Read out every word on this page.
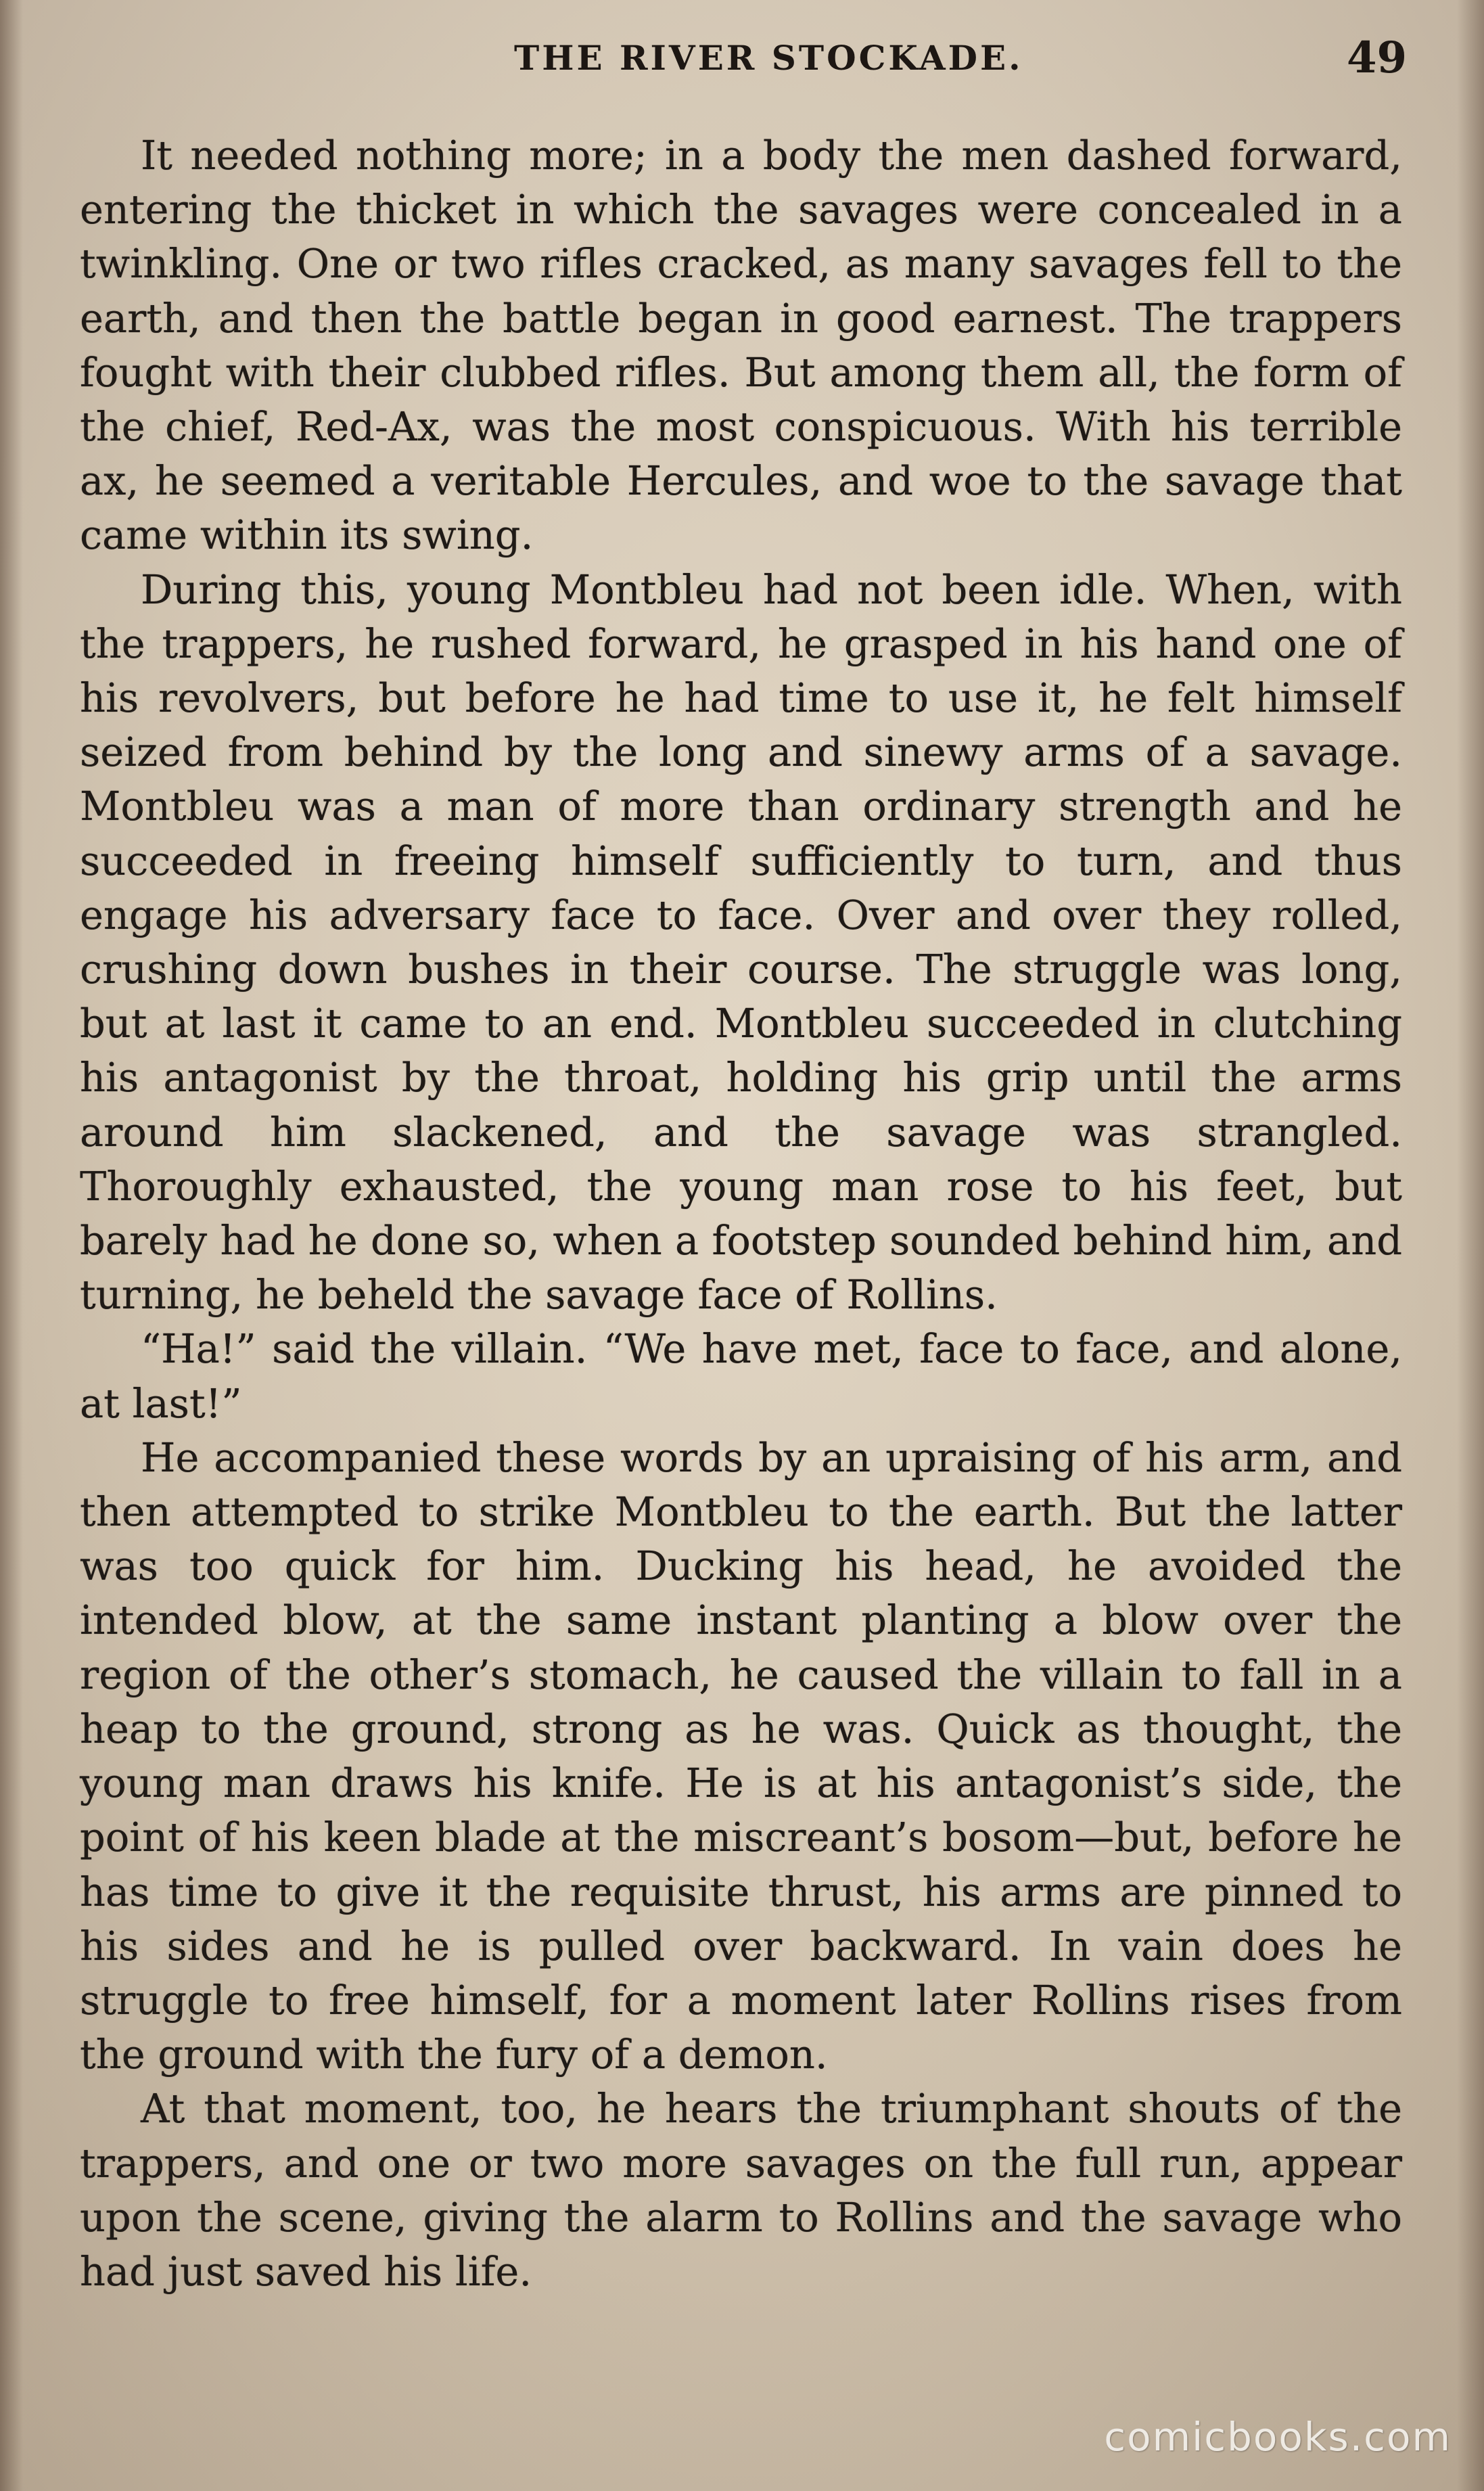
THE RIVER STOCKADE.	49

It needed nothing more; in a body the men dashed forward, entering the thicket in which the savages were concealed in a twinkling. One or two rifles cracked, as many savages fell to the earth, and then the battle began in good earnest. The trappers fought with their clubbed rifles. But among them all, the form of the chief, Red-Ax, was the most conspicuous. With his terrible ax, he seemed a veritable Hercules, and woe to the savage that came within its swing.

During this, young Montbleu had not been idle. When, with the trappers, he rushed forward, he grasped in his hand one of his revolvers, but before he had time to use it, he felt himself seized from behind by the long and sinewy arms of a savage. Montbleu was a man of more than ordinary strength and he succeeded in freeing himself sufficiently to turn, and thus engage his adversary face to face. Over and over they rolled, crushing down bushes in their course. The struggle was long, but at last it came to an end. Montbleu succeeded in clutching his antagonist by the throat, holding his grip until the arms around him slackened, and the savage was strangled. Thoroughly exhausted, the young man rose to his feet, but barely had he done so, when a footstep sounded behind him, and turning, he beheld the savage face of Rollins.

“Ha!” said the villain. “We have met, face to face, and alone, at last!”

He accompanied these words by an upraising of his arm, and then attempted to strike Montbleu to the earth. But the latter was too quick for him. Ducking his head, he avoided the intended blow, at the same instant planting a blow over the region of the other’s stomach, he caused the villain to fall in a heap to the ground, strong as he was. Quick as thought, the young man draws his knife. He is at his antagonist’s side, the point of his keen blade at the miscreant’s bosom—but, before he has time to give it the requisite thrust, his arms are pinned to his sides and he is pulled over backward. In vain does he struggle to free himself, for a moment later Rollins rises from the ground with the fury of a demon.

At that moment, too, he hears the triumphant shouts of the trappers, and one or two more savages on the full run, appear upon the scene, giving the alarm to Rollins and the savage who had just saved his life.

comicbooks.com
